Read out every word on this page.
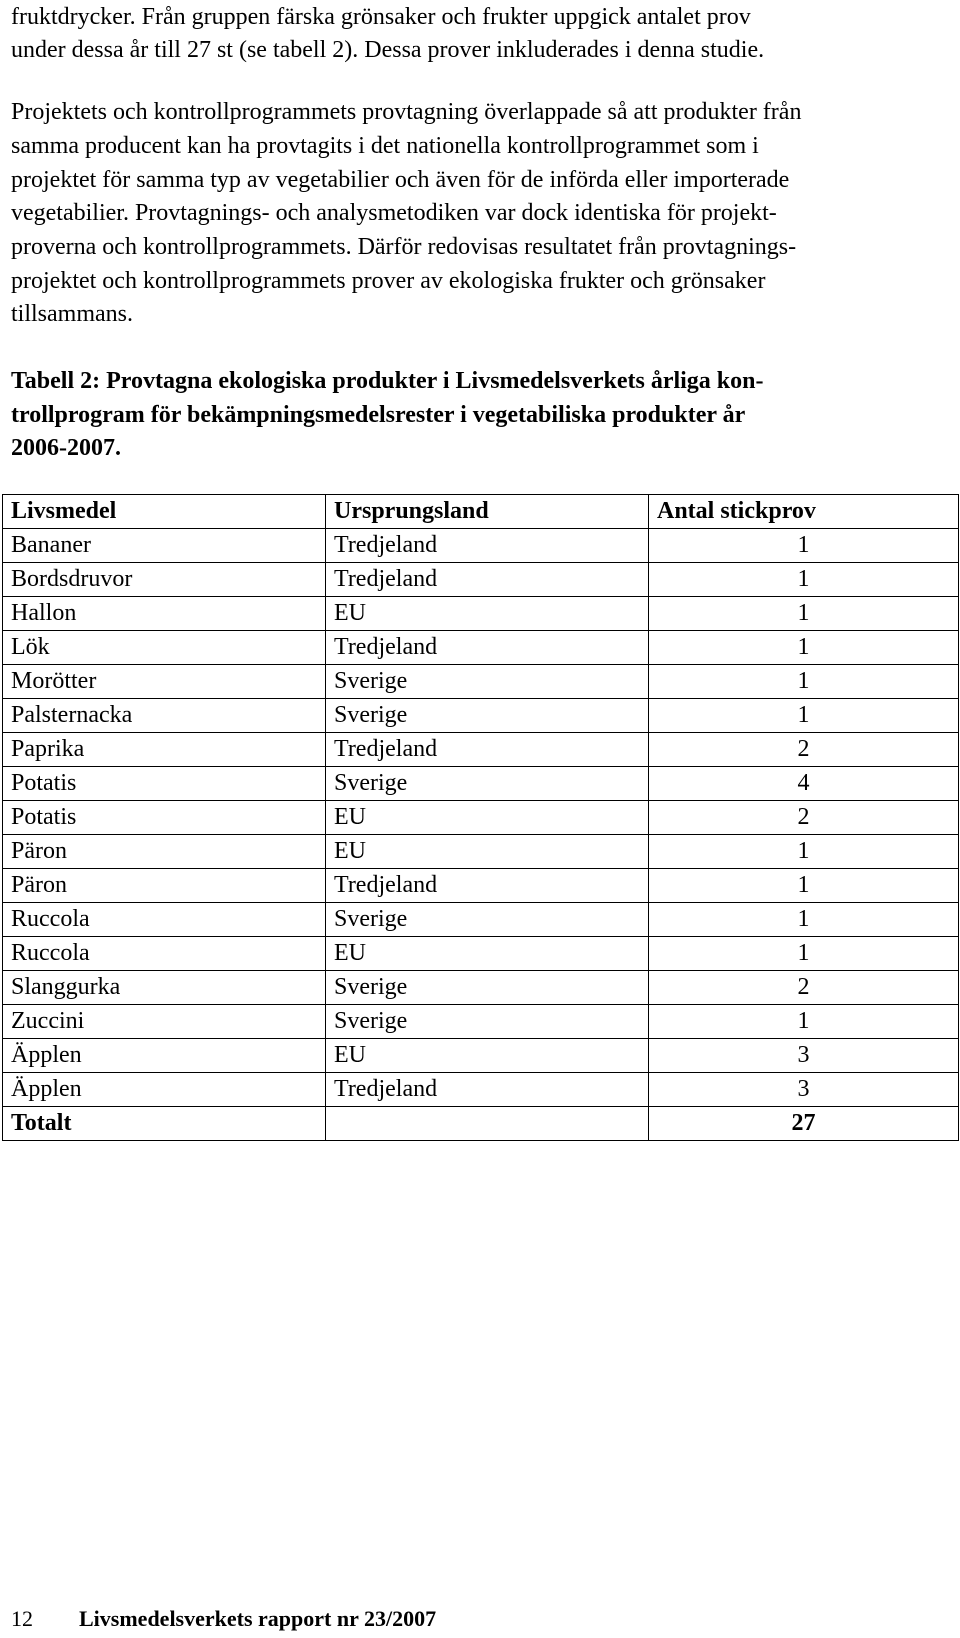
fruktdrycker. Från gruppen färska grönsaker och frukter uppgick antalet prov
under dessa år till 27 st (se tabell 2). Dessa prover inkluderades i denna studie.
Projektets och kontrollprogrammets provtagning överlappade så att produkter från
samma producent kan ha provtagits i det nationella kontrollprogrammet som i
projektet för samma typ av vegetabilier och även för de införda eller importerade
vegetabilier. Provtagnings- och analysmetodiken var dock identiska för projekt-
proverna och kontrollprogrammets. Därför redovisas resultatet från provtagnings-
projektet och kontrollprogrammets prover av ekologiska frukter och grönsaker
tillsammans.
Tabell 2: Provtagna ekologiska produkter i Livsmedelsverkets årliga kon-
trollprogram för bekämpningsmedelsrester i vegetabiliska produkter år
2006-2007.
Livsmedel	Ursprungsland	Antal stickprov
Bananer	Tredjeland	1
Bordsdruvor	Tredjeland	1
Hallon	EU	1
Lök	Tredjeland	1
Morötter	Sverige	1
Palsternacka	Sverige	1
Paprika	Tredjeland	2
Potatis	Sverige	4
Potatis	EU	2
Päron	EU	1
Päron	Tredjeland	1
Ruccola	Sverige	1
Ruccola	EU	1
Slanggurka	Sverige	2
Zuccini	Sverige	1
Äpplen	EU	3
Äpplen	Tredjeland	3
Totalt		27
12 Livsmedelsverkets rapport nr 23/2007
